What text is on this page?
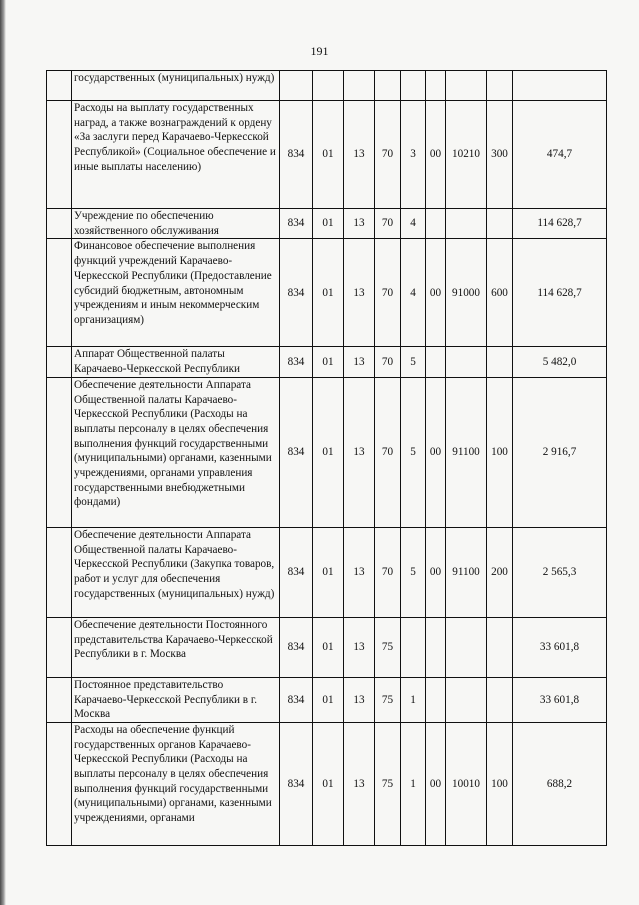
191
	государственных (муниципальных) нужд)									
	Расходы на выплату государственных наград, а также вознаграждений к ордену «За заслуги перед Карачаево-Черкесской Республикой» (Социальное обеспечение и иные выплаты населению)	834	01	13	70	3	00	10210	300	474,7
	Учреждение по обеспечению хозяйственного обслуживания	834	01	13	70	4				114 628,7
	Финансовое обеспечение выполнения функций учреждений Карачаево-Черкесской Республики (Предоставление субсидий бюджетным, автономным учреждениям и иным некоммерческим организациям)	834	01	13	70	4	00	91000	600	114 628,7
	Аппарат Общественной палаты Карачаево-Черкесской Республики	834	01	13	70	5				5 482,0
	Обеспечение деятельности Аппарата Общественной палаты Карачаево-Черкесской Республики (Расходы на выплаты персоналу в целях обеспечения выполнения функций государственными (муниципальными) органами, казенными учреждениями, органами управления государственными внебюджетными фондами)	834	01	13	70	5	00	91100	100	2 916,7
	Обеспечение деятельности Аппарата Общественной палаты Карачаево-Черкесской Республики (Закупка товаров, работ и услуг для обеспечения государственных (муниципальных) нужд)	834	01	13	70	5	00	91100	200	2 565,3
	Обеспечение деятельности Постоянного представительства Карачаево-Черкесской Республики в г. Москва	834	01	13	75					33 601,8
	Постоянное представительство Карачаево-Черкесской Республики в г. Москва	834	01	13	75	1				33 601,8
	Расходы на обеспечение функций государственных органов Карачаево-Черкесской Республики (Расходы на выплаты персоналу в целях обеспечения выполнения функций государственными (муниципальными) органами, казенными учреждениями, органами	834	01	13	75	1	00	10010	100	688,2
